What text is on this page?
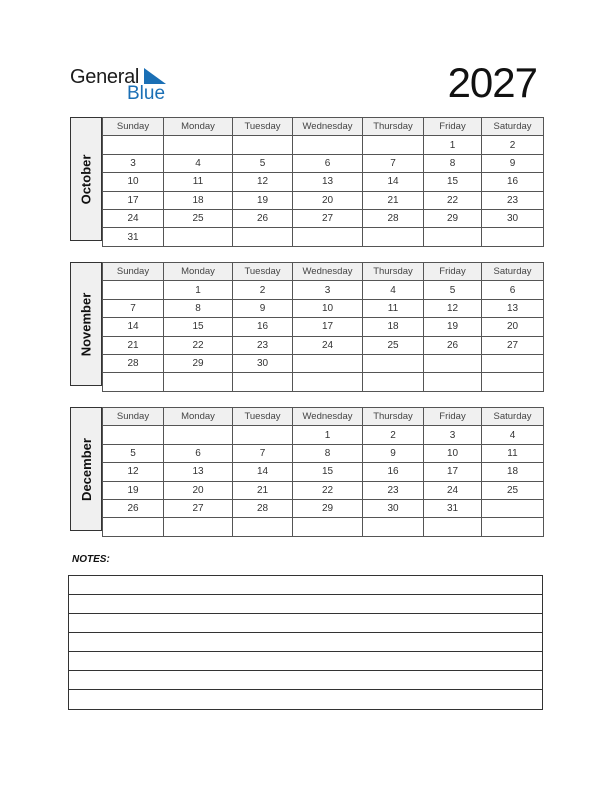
General
Blue	2027
October
Sunday	Monday	Tuesday	Wednesday	Thursday	Friday	Saturday
					1	2
3	4	5	6	7	8	9
10	11	12	13	14	15	16
17	18	19	20	21	22	23
24	25	26	27	28	29	30
31						
November
Sunday	Monday	Tuesday	Wednesday	Thursday	Friday	Saturday
	1	2	3	4	5	6
7	8	9	10	11	12	13
14	15	16	17	18	19	20
21	22	23	24	25	26	27
28	29	30				

December
Sunday	Monday	Tuesday	Wednesday	Thursday	Friday	Saturday
			1	2	3	4
5	6	7	8	9	10	11
12	13	14	15	16	17	18
19	20	21	22	23	24	25
26	27	28	29	30	31	

NOTES:
